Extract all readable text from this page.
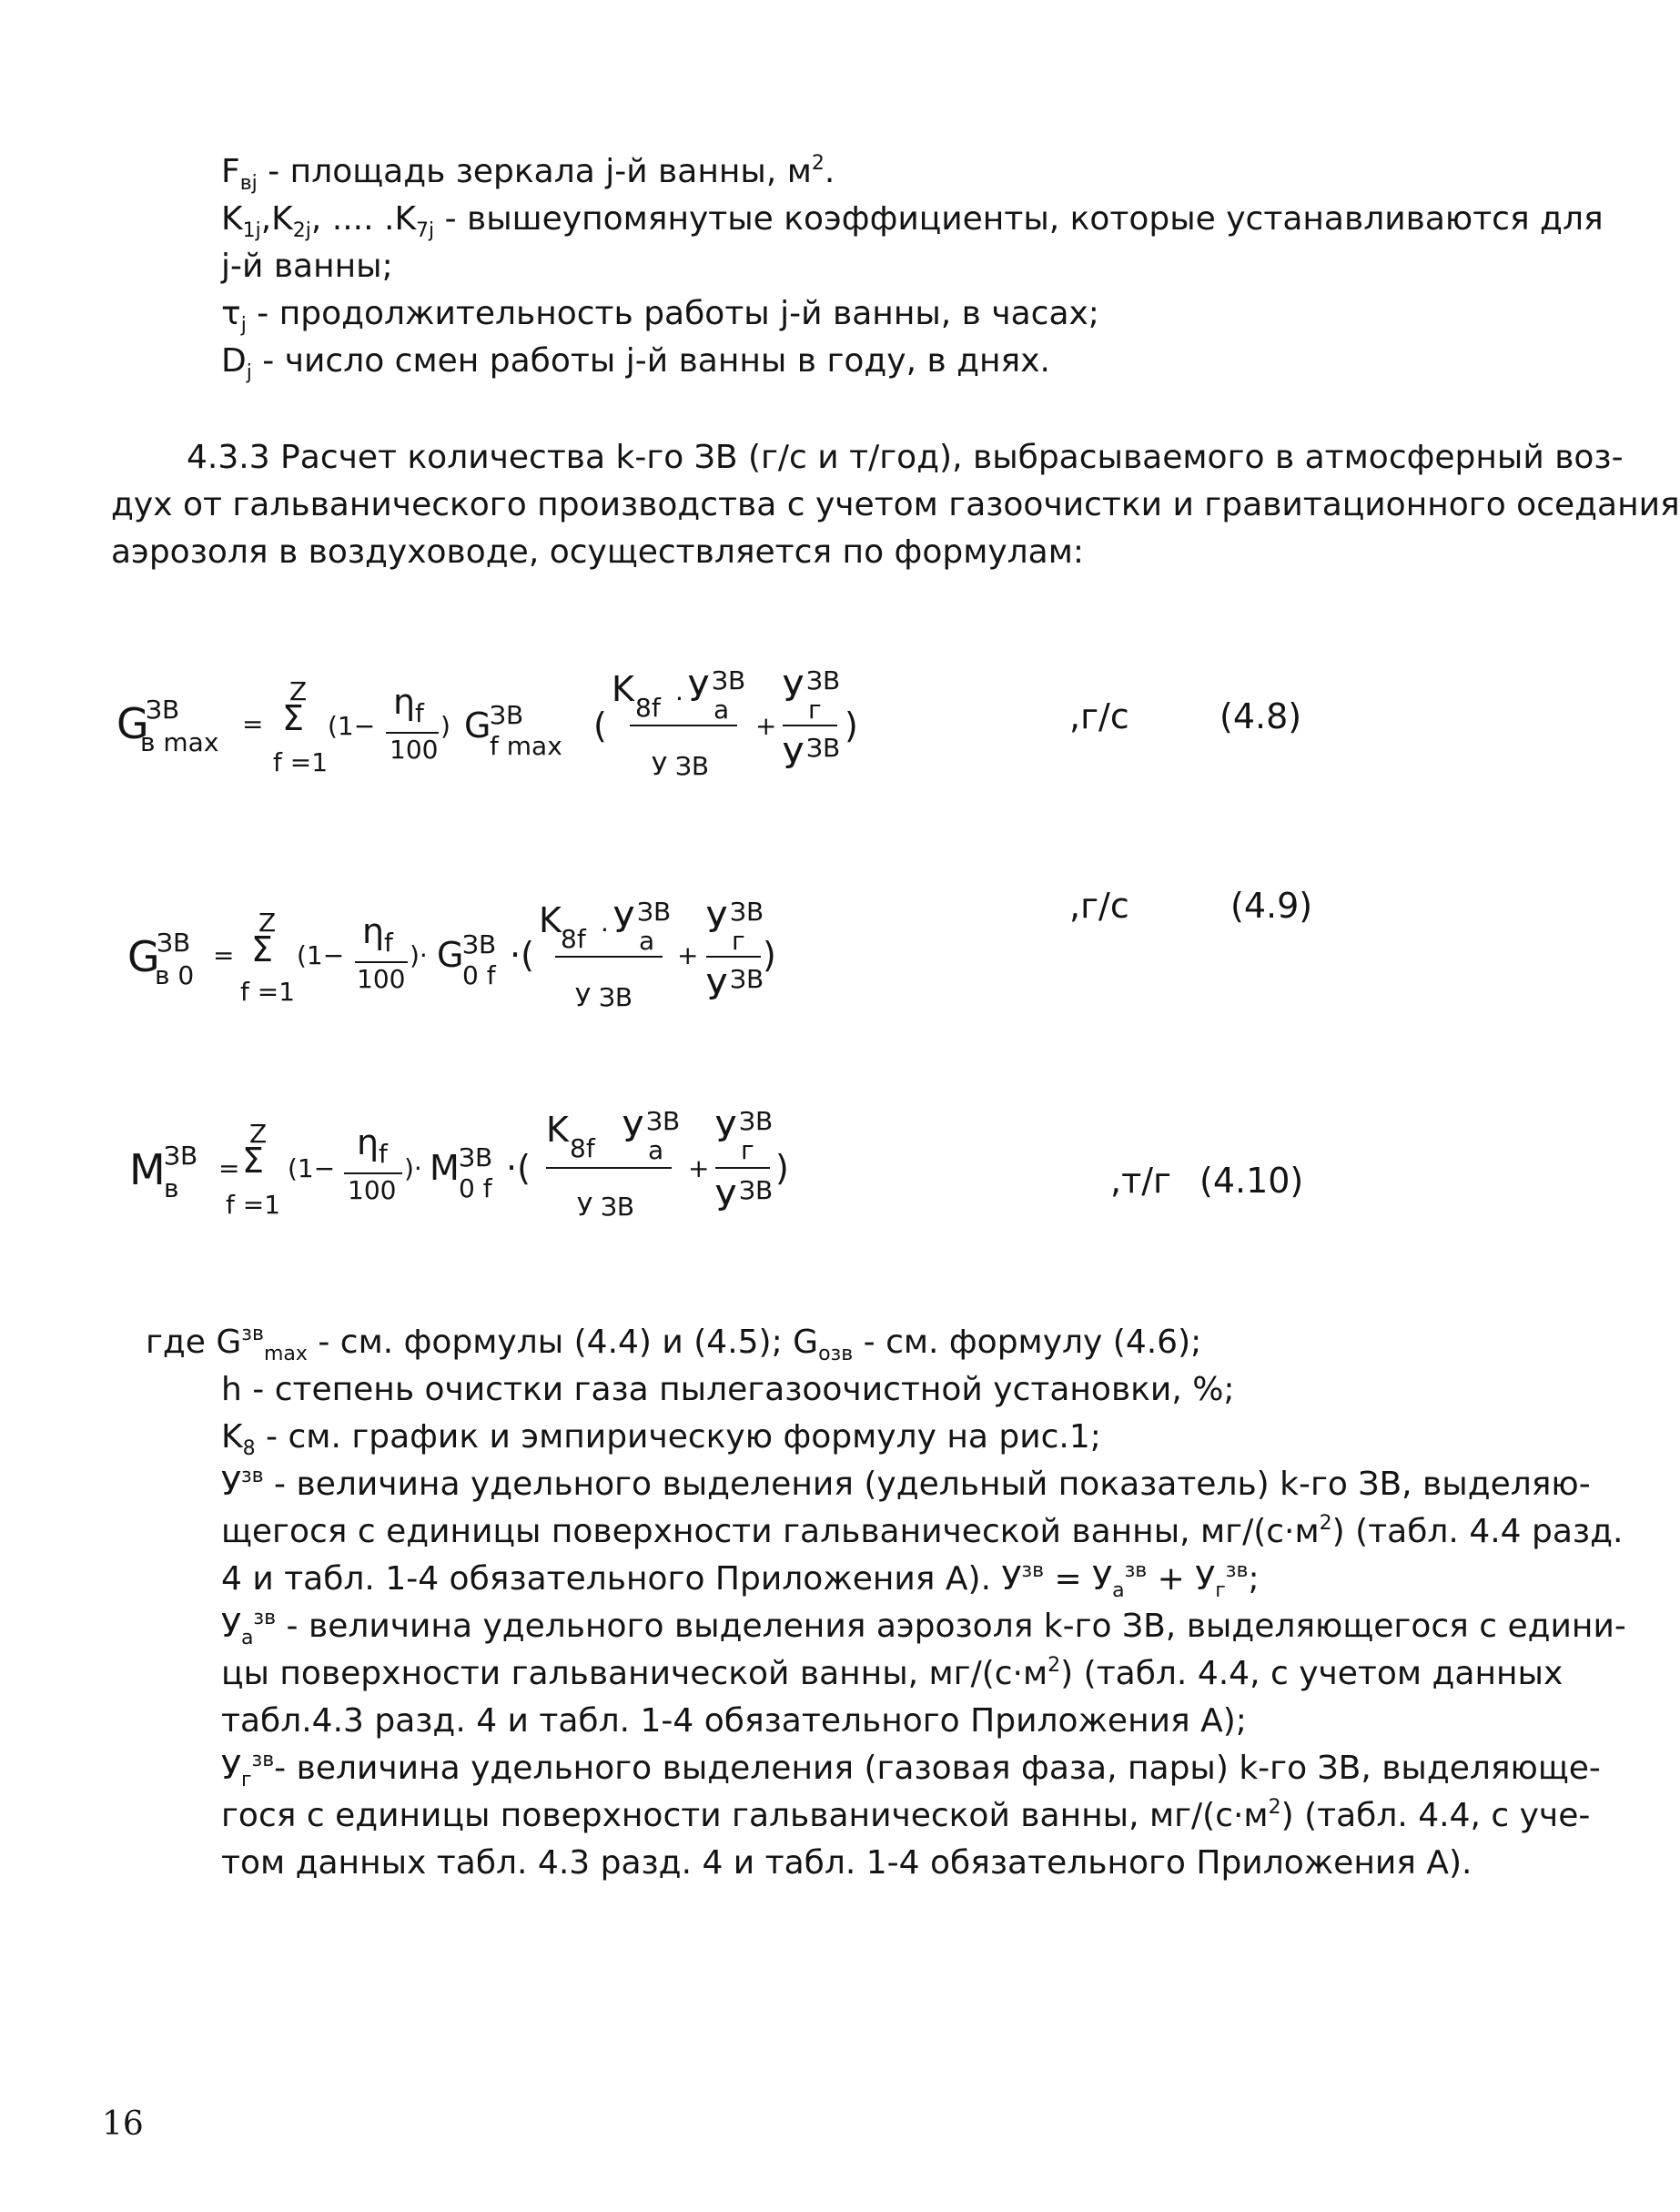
$F_{вj}$ - площадь зеркала j-й ванны, $м^2$.
$K_{1j},K_{2j}$, .... $.K_{7j}$ - вышеупомянутые коэффициенты, которые устанавливаются для
j-й ванны;
$\tau_j$ - продолжительность работы j-й ванны, в часах;
$D_j$ - число смен работы j-й ванны в году, в днях.
4.3.3 Расчет количества k-го ЗВ (г/с и т/год), выбрасываемого в атмосферный воз-
дух от гальванического производства с учетом газоочистки и гравитационного оседания
аэрозоля в воздуховоде, осуществляется по формулам:
G
ЗВ
в max
=
Z
Σ
f =1
(1−
η f
100
) G
ЗВ
f max
(
K 8f · У ЗВ
a
У ЗВ
+
У ЗВ
г
У ЗВ
)	,г/с	(4.8)
G
ЗВ
в 0
=
Z
Σ
f =1
(1−
η f
100
)· G
ЗВ
0 f
·(
K 8f · У ЗВ
a
У ЗВ
+
У ЗВ
г
У ЗВ
)
,г/с	(4.9)
M
ЗВ
в
=
Z
Σ
f =1
(1−
η f
100
)· M ЗВ
0 f
·(
K 8f У ЗВ
a
У ЗВ
+
У ЗВ
г
У ЗВ
)	,т/г (4.10)
где $G^{зв}_{max}$ - см. формулы (4.4) и (4.5); $G_{озв}$ - см. формулу (4.6);
h - степень очистки газа пылегазоочистной установки, %;
$K_8$ - см. график и эмпирическую формулу на рис.1;
$У^{зв}$ - величина удельного выделения (удельный показатель) k-го ЗВ, выделяю-
щегося с единицы поверхности гальванической ванны, $мг/(с\cdot м^2)$ (табл. 4.4 разд.
4 и табл. 1-4 обязательного Приложения А). $У^{зв} = У_а^{зв} + У_г^{зв}$;
$У_а^{зв}$ - величина удельного выделения аэрозоля k-го ЗВ, выделяющегося с едини-
цы поверхности гальванической ванны, $мг/(с\cdot м^2)$ (табл. 4.4, с учетом данных
табл.4.3 разд. 4 и табл. 1-4 обязательного Приложения А);
$У_г^{зв}-$ величина удельного выделения (газовая фаза, пары) k-го ЗВ, выделяюще-
гося с единицы поверхности гальванической ванны, $мг/(с\cdot м^2)$ (табл. 4.4, с уче-
том данных табл. 4.3 разд. 4 и табл. 1-4 обязательного Приложения А).
16
